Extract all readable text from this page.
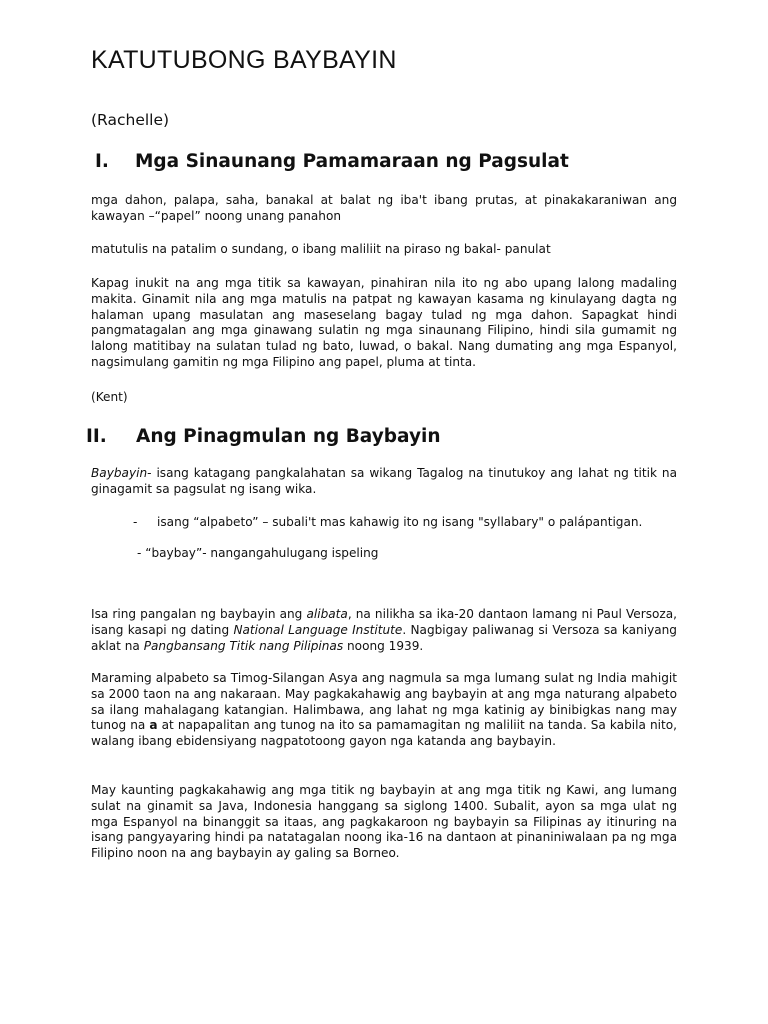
KATUTUBONG BAYBAYIN

(Rachelle)

I. Mga Sinaunang Pamamaraan ng Pagsulat

mga dahon, palapa, saha, banakal at balat ng iba't ibang prutas, at pinakakaraniwan ang kawayan –“papel” noong unang panahon

matutulis na patalim o sundang, o ibang maliliit na piraso ng bakal- panulat

Kapag inukit na ang mga titik sa kawayan, pinahiran nila ito ng abo upang lalong madaling makita. Ginamit nila ang mga matulis na patpat ng kawayan kasama ng kinulayang dagta ng halaman upang masulatan ang maseselang bagay tulad ng mga dahon. Sapagkat hindi pangmatagalan ang mga ginawang sulatin ng mga sinaunang Filipino, hindi sila gumamit ng lalong matitibay na sulatan tulad ng bato, luwad, o bakal. Nang dumating ang mga Espanyol, nagsimulang gamitin ng mga Filipino ang papel, pluma at tinta.

(Kent)

II. Ang Pinagmulan ng Baybayin

Baybayin- isang katagang pangkalahatan sa wikang Tagalog na tinutukoy ang lahat ng titik na ginagamit sa pagsulat ng isang wika.

- isang “alpabeto” – subali't mas kahawig ito ng isang "syllabary" o palápantigan.

- “baybay”- nangangahulugang ispeling

Isa ring pangalan ng baybayin ang alibata, na nilikha sa ika-20 dantaon lamang ni Paul Versoza, isang kasapi ng dating National Language Institute. Nagbigay paliwanag si Versoza sa kaniyang aklat na Pangbansang Titik nang Pilipinas noong 1939.

Maraming alpabeto sa Timog-Silangan Asya ang nagmula sa mga lumang sulat ng India mahigit sa 2000 taon na ang nakaraan. May pagkakahawig ang baybayin at ang mga naturang alpabeto sa ilang mahalagang katangian. Halimbawa, ang lahat ng mga katinig ay binibigkas nang may tunog na a at napapalitan ang tunog na ito sa pamamagitan ng maliliit na tanda. Sa kabila nito, walang ibang ebidensiyang nagpatotoong gayon nga katanda ang baybayin.

May kaunting pagkakahawig ang mga titik ng baybayin at ang mga titik ng Kawi, ang lumang sulat na ginamit sa Java, Indonesia hanggang sa siglong 1400. Subalit, ayon sa mga ulat ng mga Espanyol na binanggit sa itaas, ang pagkakaroon ng baybayin sa Filipinas ay itinuring na isang pangyayaring hindi pa natatagalan noong ika-16 na dantaon at pinaniniwalaan pa ng mga Filipino noon na ang baybayin ay galing sa Borneo.
